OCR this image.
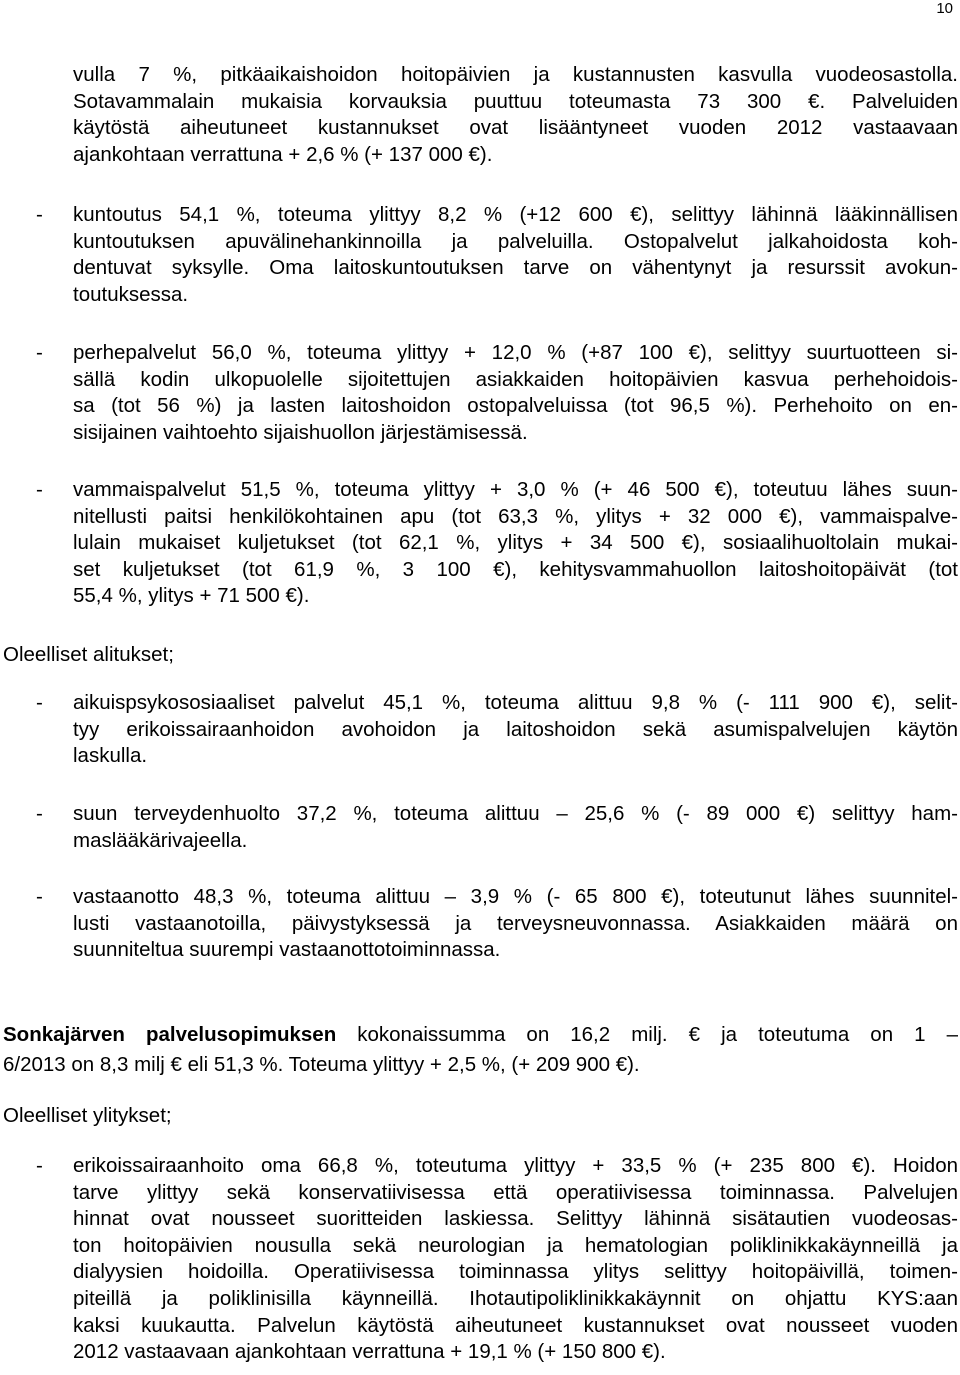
10
vulla 7 %, pitkäaikaishoidon hoitopäivien ja kustannusten kasvulla vuodeosastolla.
Sotavammalain mukaisia korvauksia puuttuu toteumasta 73 300 €. Palveluiden
käytöstä aiheutuneet kustannukset ovat lisääntyneet vuoden 2012 vastaavaan
ajankohtaan verrattuna + 2,6 % (+ 137 000 €).
- kuntoutus 54,1 %, toteuma ylittyy 8,2 % (+12 600 €), selittyy lähinnä lääkinnällisen
kuntoutuksen apuvälinehankinnoilla ja palveluilla. Ostopalvelut jalkahoidosta koh-
dentuvat syksylle. Oma laitoskuntoutuksen tarve on vähentynyt ja resurssit avokun-
toutuksessa.
- perhepalvelut 56,0 %, toteuma ylittyy + 12,0 % (+87 100 €), selittyy suurtuotteen si-
sällä kodin ulkopuolelle sijoitettujen asiakkaiden hoitopäivien kasvua perhehoidois-
sa (tot 56 %) ja lasten laitoshoidon ostopalveluissa (tot 96,5 %). Perhehoito on en-
sisijainen vaihtoehto sijaishuollon järjestämisessä.
- vammaispalvelut 51,5 %, toteuma ylittyy + 3,0 % (+ 46 500 €), toteutuu lähes suun-
nitellusti paitsi henkilökohtainen apu (tot 63,3 %, ylitys + 32 000 €), vammaispalve-
lulain mukaiset kuljetukset (tot 62,1 %, ylitys + 34 500 €), sosiaalihuoltolain mukai-
set kuljetukset (tot 61,9 %, 3 100 €), kehitysvammahuollon laitoshoitopäivät (tot
55,4 %, ylitys + 71 500 €).
Oleelliset alitukset;
- aikuispsykososiaaliset palvelut 45,1 %, toteuma alittuu 9,8 % (- 111 900 €), selit-
tyy erikoissairaanhoidon avohoidon ja laitoshoidon sekä asumispalvelujen käytön
laskulla.
- suun terveydenhuolto 37,2 %, toteuma alittuu – 25,6 % (- 89 000 €) selittyy ham-
maslääkärivajeella.
- vastaanotto 48,3 %, toteuma alittuu – 3,9 % (- 65 800 €), toteutunut lähes suunnitel-
lusti vastaanotoilla, päivystyksessä ja terveysneuvonnassa. Asiakkaiden määrä on
suunniteltua suurempi vastaanottotoiminnassa.
Sonkajärven palvelusopimuksen kokonaissumma on 16,2 milj. € ja toteutuma on 1 –
6/2013 on 8,3 milj € eli 51,3 %. Toteuma ylittyy + 2,5 %, (+ 209 900 €).
Oleelliset ylitykset;
- erikoissairaanhoito oma 66,8 %, toteutuma ylittyy + 33,5 % (+ 235 800 €). Hoidon
tarve ylittyy sekä konservatiivisessa että operatiivisessa toiminnassa. Palvelujen
hinnat ovat nousseet suoritteiden laskiessa. Selittyy lähinnä sisätautien vuodeosas-
ton hoitopäivien nousulla sekä neurologian ja hematologian poliklinikkakäynneillä ja
dialyysien hoidoilla. Operatiivisessa toiminnassa ylitys selittyy hoitopäivillä, toimen-
piteillä ja poliklinisilla käynneillä. Ihotautipoliklinikkakäynnit on ohjattu KYS:aan
kaksi kuukautta. Palvelun käytöstä aiheutuneet kustannukset ovat nousseet vuoden
2012 vastaavaan ajankohtaan verrattuna + 19,1 % (+ 150 800 €).
